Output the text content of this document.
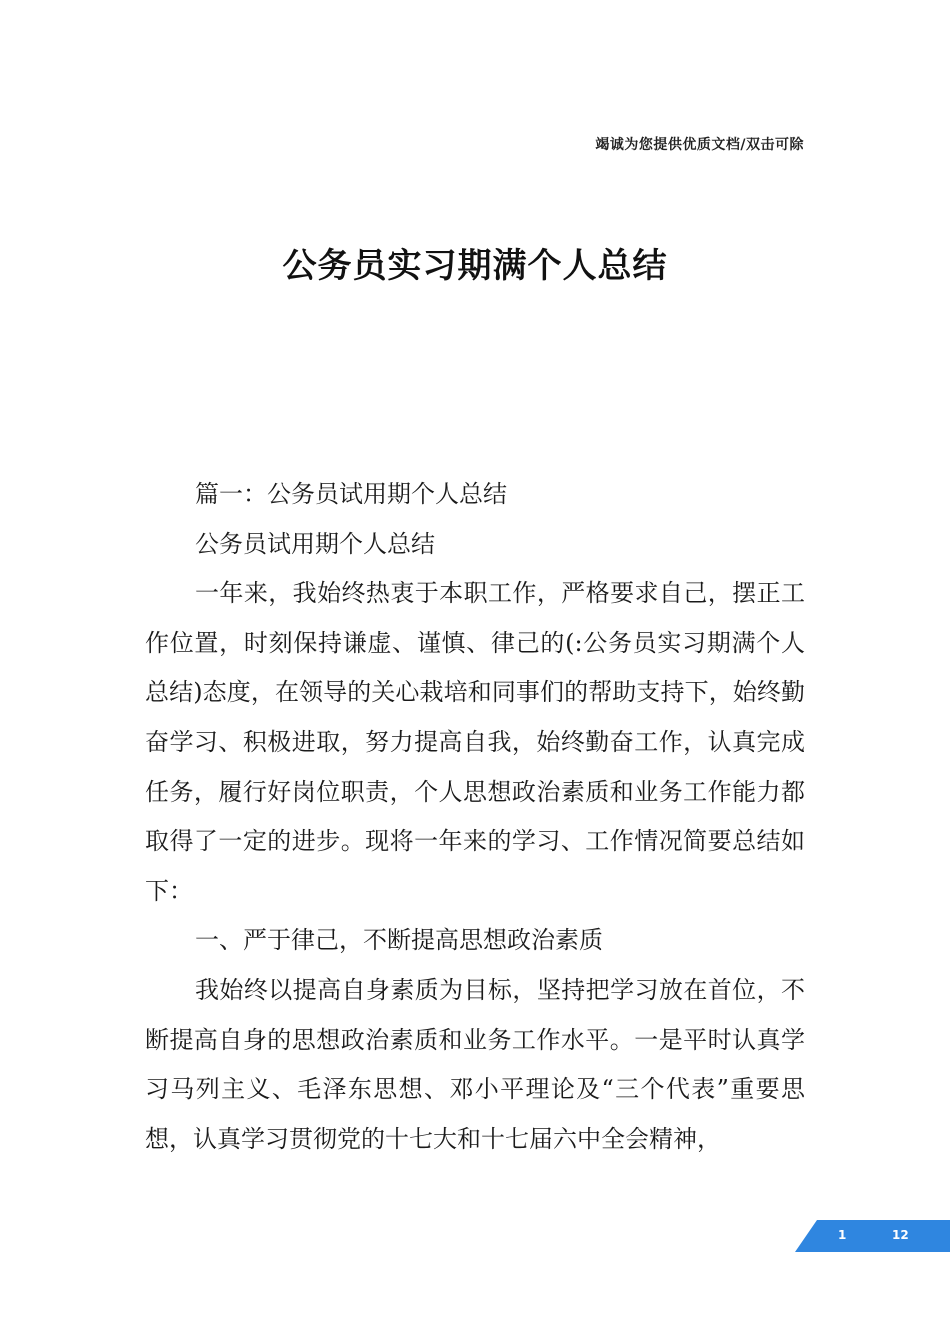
竭诚为您提供优质文档/双击可除
公务员实习期满个人总结

篇一：公务员试用期个人总结

公务员试用期个人总结

一年来，我始终热衷于本职工作，严格要求自己，摆正工作位置，时刻保持谦虚、谨慎、律己的(:公务员实习期满个人总结)态度，在领导的关心栽培和同事们的帮助支持下，始终勤奋学习、积极进取，努力提高自我，始终勤奋工作，认真完成任务，履行好岗位职责，个人思想政治素质和业务工作能力都取得了一定的进步。现将一年来的学习、工作情况简要总结如下：

一、严于律己，不断提高思想政治素质

我始终以提高自身素质为目标，坚持把学习放在首位，不断提高自身的思想政治素质和业务工作水平。一是平时认真学习马列主义、毛泽东思想、邓小平理论及“三个代表”重要思想，认真学习贯彻党的十七大和十七届六中全会精神，

1	12
